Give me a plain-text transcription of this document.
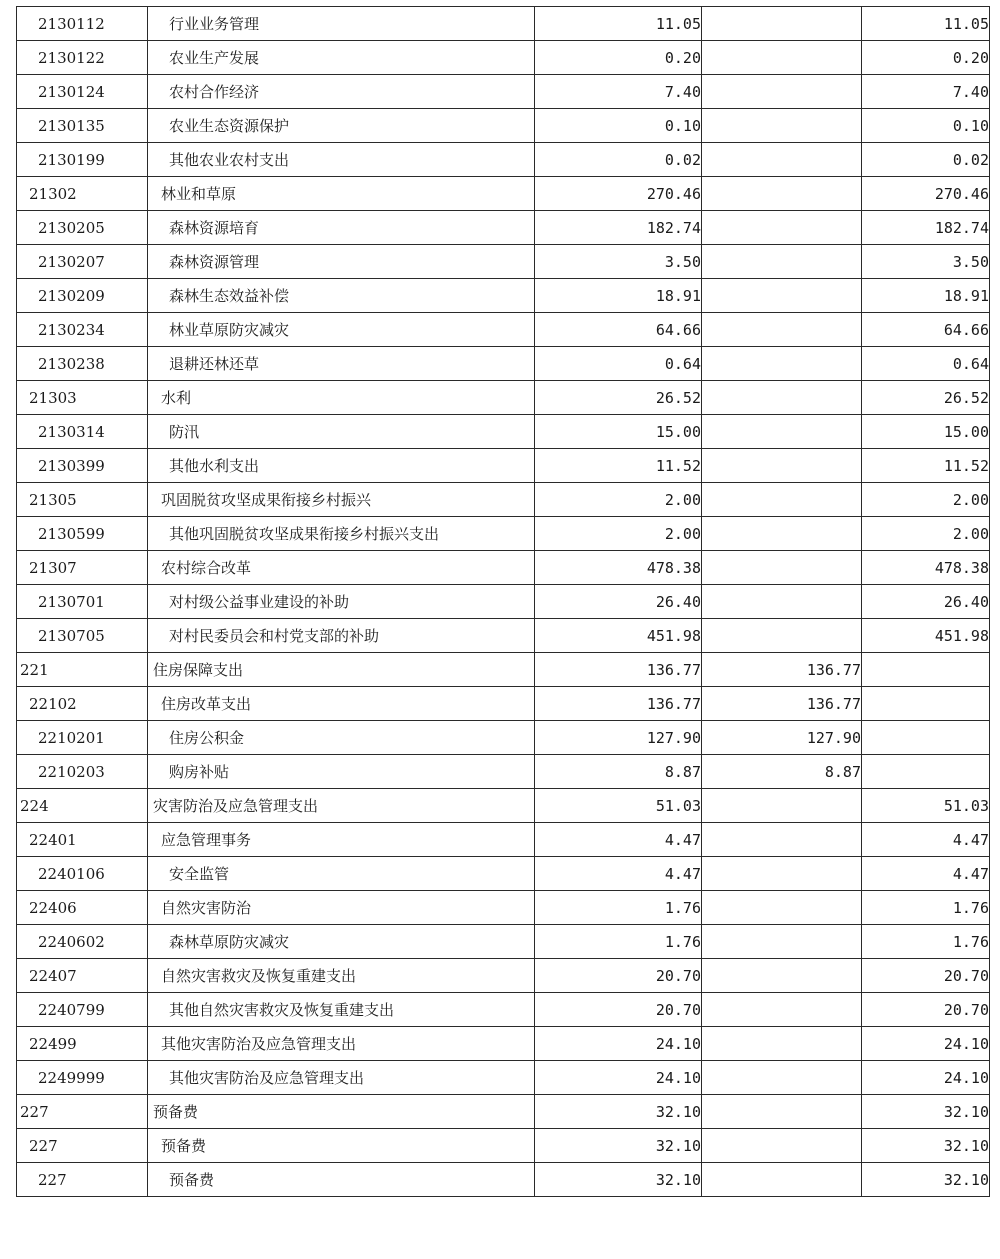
2130112	行业业务管理	11.05		11.05
2130122	农业生产发展	0.20		0.20
2130124	农村合作经济	7.40		7.40
2130135	农业生态资源保护	0.10		0.10
2130199	其他农业农村支出	0.02		0.02
21302	林业和草原	270.46		270.46
2130205	森林资源培育	182.74		182.74
2130207	森林资源管理	3.50		3.50
2130209	森林生态效益补偿	18.91		18.91
2130234	林业草原防灾减灾	64.66		64.66
2130238	退耕还林还草	0.64		0.64
21303	水利	26.52		26.52
2130314	防汛	15.00		15.00
2130399	其他水利支出	11.52		11.52
21305	巩固脱贫攻坚成果衔接乡村振兴	2.00		2.00
2130599	其他巩固脱贫攻坚成果衔接乡村振兴支出	2.00		2.00
21307	农村综合改革	478.38		478.38
2130701	对村级公益事业建设的补助	26.40		26.40
2130705	对村民委员会和村党支部的补助	451.98		451.98
221	住房保障支出	136.77	136.77	
22102	住房改革支出	136.77	136.77	
2210201	住房公积金	127.90	127.90	
2210203	购房补贴	8.87	8.87	
224	灾害防治及应急管理支出	51.03		51.03
22401	应急管理事务	4.47		4.47
2240106	安全监管	4.47		4.47
22406	自然灾害防治	1.76		1.76
2240602	森林草原防灾减灾	1.76		1.76
22407	自然灾害救灾及恢复重建支出	20.70		20.70
2240799	其他自然灾害救灾及恢复重建支出	20.70		20.70
22499	其他灾害防治及应急管理支出	24.10		24.10
2249999	其他灾害防治及应急管理支出	24.10		24.10
227	预备费	32.10		32.10
227	预备费	32.10		32.10
227	预备费	32.10		32.10
